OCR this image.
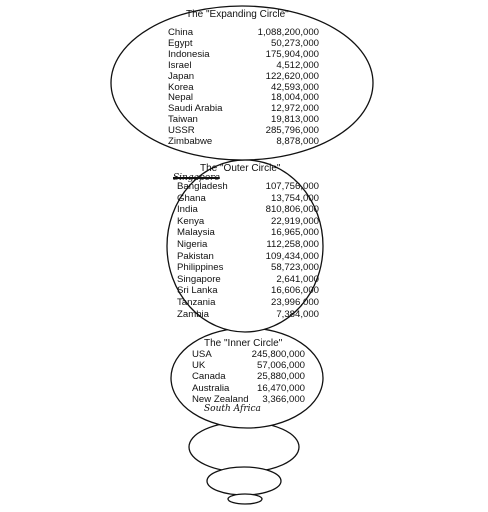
The "Expanding Circle"
China	1,088,200,000
Egypt	50,273,000
Indonesia	175,904,000
Israel	4,512,000
Japan	122,620,000
Korea	42,593,000
Nepal	18,004,000
Saudi Arabia	12,972,000
Taiwan	19,813,000
USSR	285,796,000
Zimbabwe	8,878,000
The "Outer Circle"
Singapore
Bangladesh	107,756,000
Ghana	13,754,000
India	810,806,000
Kenya	22,919,000
Malaysia	16,965,000
Nigeria	112,258,000
Pakistan	109,434,000
Philippines	58,723,000
Singapore	2,641,000
Sri Lanka	16,606,000
Tanzania	23,996,000
Zambia	7,384,000
The "Inner Circle"
USA	245,800,000
UK	57,006,000
Canada	25,880,000
Australia	16,470,000
New Zealand 3,366,000
South Africa
